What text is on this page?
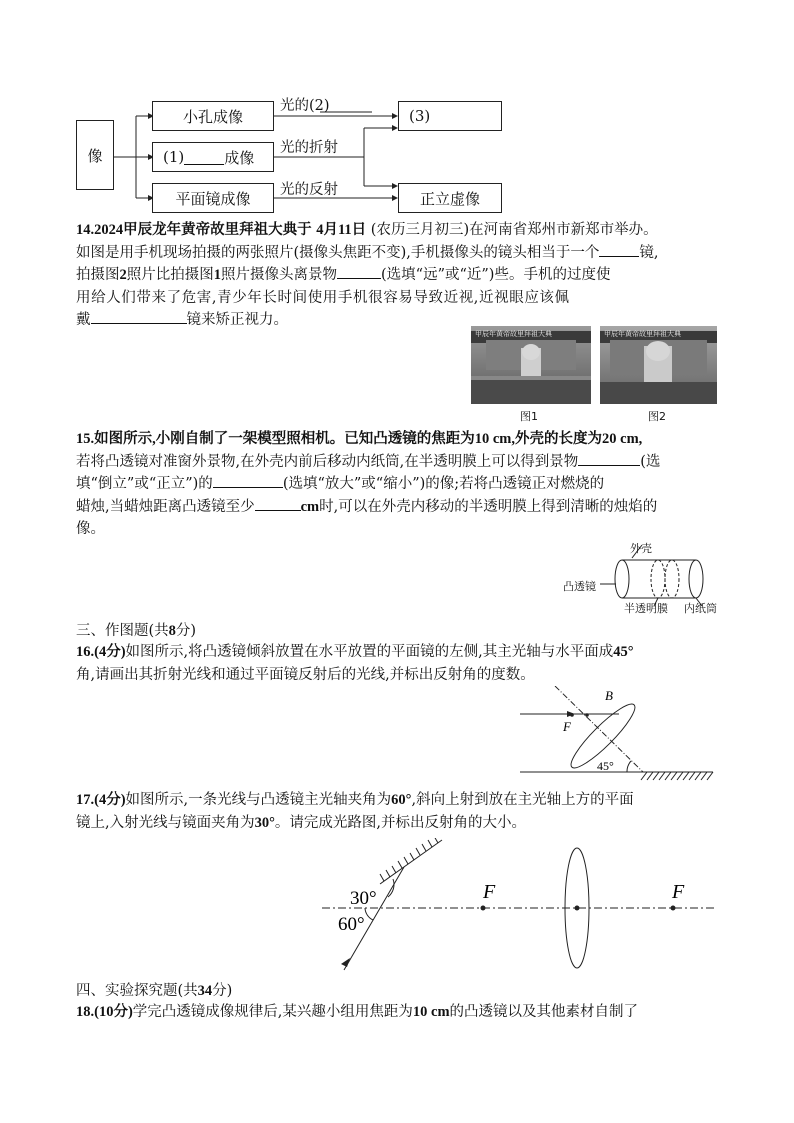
像
小孔成像
(1)	成像
平面镜成像
光的(2)
光的折射
光的反射
(3)
正立虚像
14.2024甲辰龙年黄帝故里拜祖大典于 4月11日 (农历三月初三)在河南省郑州市新郑市举办。
如图是用手机现场拍摄的两张照片(摄像头焦距不变),手机摄像头的镜头相当于一个	镜,
拍摄图2照片比拍摄图1照片摄像头离景物	(选填“远”或“近”)些。手机的过度使
用给人们带来了危害,青少年长时间使用手机很容易导致近视,近视眼应该佩
戴	镜来矫正视力。
甲辰年黄帝故里拜祖大典	甲辰年黄帝故里拜祖大典
图1	图2
15.如图所示,小刚自制了一架模型照相机。已知凸透镜的焦距为10 cm,外壳的长度为20 cm,
若将凸透镜对准窗外景物,在外壳内前后移动内纸筒,在半透明膜上可以得到景物	(选
填“倒立”或“正立”)的	(选填“放大”或“缩小”)的像;若将凸透镜正对燃烧的
蜡烛,当蜡烛距离凸透镜至少	cm时,可以在外壳内移动的半透明膜上得到清晰的烛焰的
像。
外壳
凸透镜
半透明膜 内纸筒
三、作图题(共8分)
16.(4分)如图所示,将凸透镜倾斜放置在水平放置的平面镜的左侧,其主光轴与水平面成45°
角,请画出其折射光线和通过平面镜反射后的光线,并标出反射角的度数。
B
F
45°
17.(4分)如图所示,一条光线与凸透镜主光轴夹角为60°,斜向上射到放在主光轴上方的平面
镜上,入射光线与镜面夹角为30°。请完成光路图,并标出反射角的大小。
30°
60°
F	F
四、实验探究题(共34分)
18.(10分)学完凸透镜成像规律后,某兴趣小组用焦距为10 cm的凸透镜以及其他素材自制了
